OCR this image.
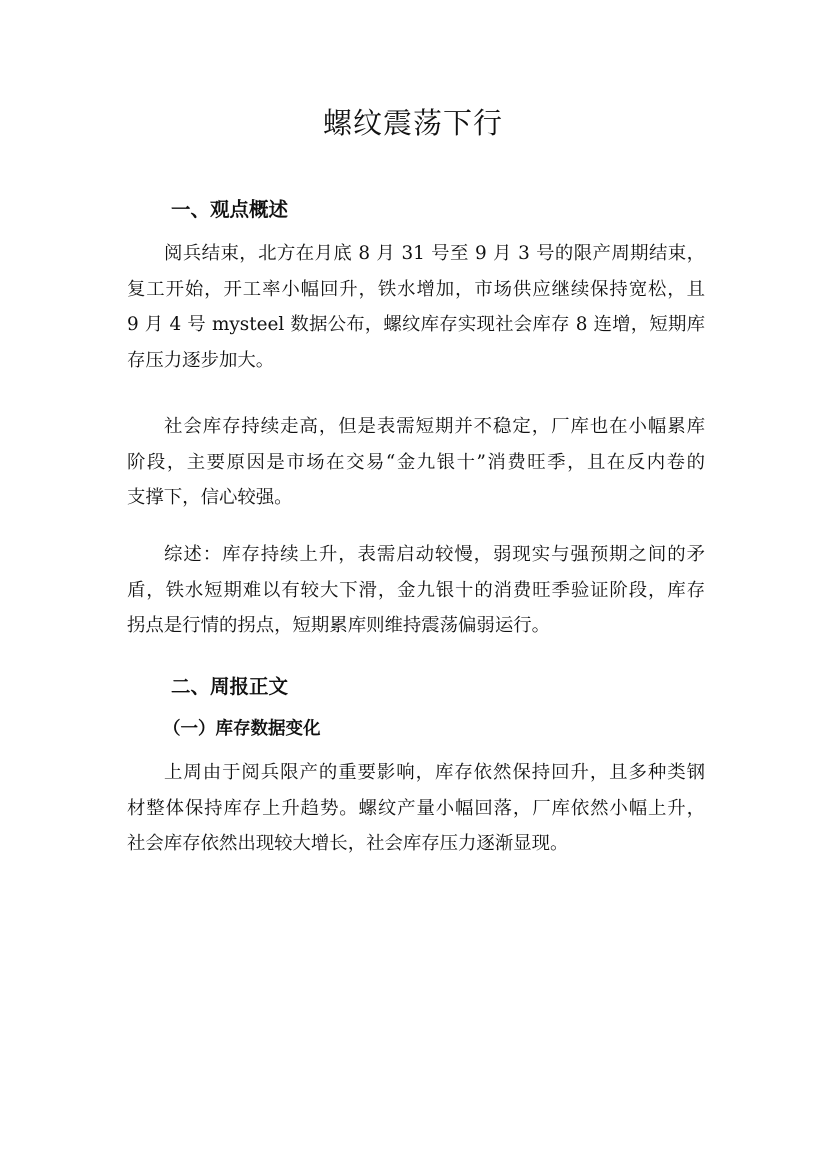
螺纹震荡下行
一、观点概述
阅兵结束，北方在月底 8 月 31 号至 9 月 3 号的限产周期结束，
复工开始，开工率小幅回升，铁水增加，市场供应继续保持宽松，且
9 月 4 号 mysteel 数据公布，螺纹库存实现社会库存 8 连增，短期库
存压力逐步加大。
社会库存持续走高，但是表需短期并不稳定，厂库也在小幅累库
阶段，主要原因是市场在交易“金九银十”消费旺季，且在反内卷的
支撑下，信心较强。
综述：库存持续上升，表需启动较慢，弱现实与强预期之间的矛
盾，铁水短期难以有较大下滑，金九银十的消费旺季验证阶段，库存
拐点是行情的拐点，短期累库则维持震荡偏弱运行。
二、周报正文
（一）库存数据变化
上周由于阅兵限产的重要影响，库存依然保持回升，且多种类钢
材整体保持库存上升趋势。螺纹产量小幅回落，厂库依然小幅上升，
社会库存依然出现较大增长，社会库存压力逐渐显现。
